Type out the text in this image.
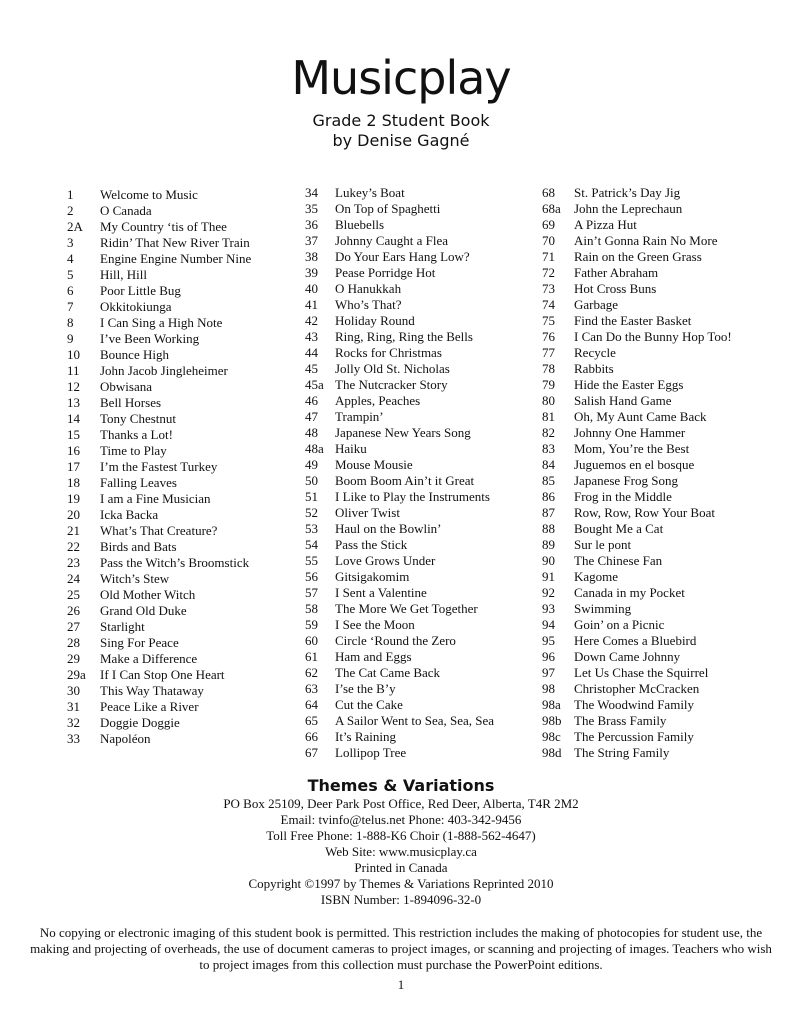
Musicplay
Grade 2 Student Book
by Denise Gagné
1	Welcome to Music
2	O Canada
2A	My Country ‘tis of Thee
3	Ridin’ That New River Train
4	Engine Engine Number Nine
5	Hill, Hill
6	Poor Little Bug
7	Okkitokiunga
8	I Can Sing a High Note
9	I’ve Been Working
10	Bounce High
11	John Jacob Jingleheimer
12	Obwisana
13	Bell Horses
14	Tony Chestnut
15	Thanks a Lot!
16	Time to Play
17	I’m the Fastest Turkey
18	Falling Leaves
19	I am a Fine Musician
20	Icka Backa
21	What’s That Creature?
22	Birds and Bats
23	Pass the Witch’s Broomstick
24	Witch’s Stew
25	Old Mother Witch
26	Grand Old Duke
27	Starlight
28	Sing For Peace
29	Make a Difference
29a	If I Can Stop One Heart
30	This Way Thataway
31	Peace Like a River
32	Doggie Doggie
33	Napoléon
34	Lukey’s Boat
35	On Top of Spaghetti
36	Bluebells
37	Johnny Caught a Flea
38	Do Your Ears Hang Low?
39	Pease Porridge Hot
40	O Hanukkah
41	Who’s That?
42	Holiday Round
43	Ring, Ring, Ring the Bells
44	Rocks for Christmas
45	Jolly Old St. Nicholas
45a The Nutcracker Story
46	Apples, Peaches
47	Trampin’
48	Japanese New Years Song
48a Haiku
49	Mouse Mousie
50	Boom Boom Ain’t it Great
51	I Like to Play the Instruments
52	Oliver Twist
53	Haul on the Bowlin’
54	Pass the Stick
55	Love Grows Under
56	Gitsigakomim
57	I Sent a Valentine
58	The More We Get Together
59	I See the Moon
60	Circle ‘Round the Zero
61	Ham and Eggs
62	The Cat Came Back
63	I’se the B’y
64	Cut the Cake
65	A Sailor Went to Sea, Sea, Sea
66	It’s Raining
67	Lollipop Tree
68	St. Patrick’s Day Jig
68a	John the Leprechaun
69	A Pizza Hut
70	Ain’t Gonna Rain No More
71	Rain on the Green Grass
72	Father Abraham
73	Hot Cross Buns
74	Garbage
75	Find the Easter Basket
76	I Can Do the Bunny Hop Too!
77	Recycle
78	Rabbits
79	Hide the Easter Eggs
80	Salish Hand Game
81	Oh, My Aunt Came Back
82	Johnny One Hammer
83	Mom, You’re the Best
84	Juguemos en el bosque
85	Japanese Frog Song
86	Frog in the Middle
87	Row, Row, Row Your Boat
88	Bought Me a Cat
89	Sur le pont
90	The Chinese Fan
91	Kagome
92	Canada in my Pocket
93	Swimming
94	Goin’ on a Picnic
95	Here Comes a Bluebird
96	Down Came Johnny
97	Let Us Chase the Squirrel
98	Christopher McCracken
98a	The Woodwind Family
98b The Brass Family
98c	The Percussion Family
98d The String Family
Themes & Variations
PO Box 25109, Deer Park Post Office, Red Deer, Alberta, T4R 2M2
Email: tvinfo@telus.net Phone: 403-342-9456
Toll Free Phone: 1-888-K6 Choir (1-888-562-4647)
Web Site: www.musicplay.ca
Printed in Canada
Copyright ©1997 by Themes & Variations Reprinted 2010
ISBN Number: 1-894096-32-0
No copying or electronic imaging of this student book is permitted. This restriction includes the making of photocopies for student use, the making and projecting of overheads, the use of document cameras to project images, or scanning and projecting of images. Teachers who wish to project images from this collection must purchase the PowerPoint editions.
1
